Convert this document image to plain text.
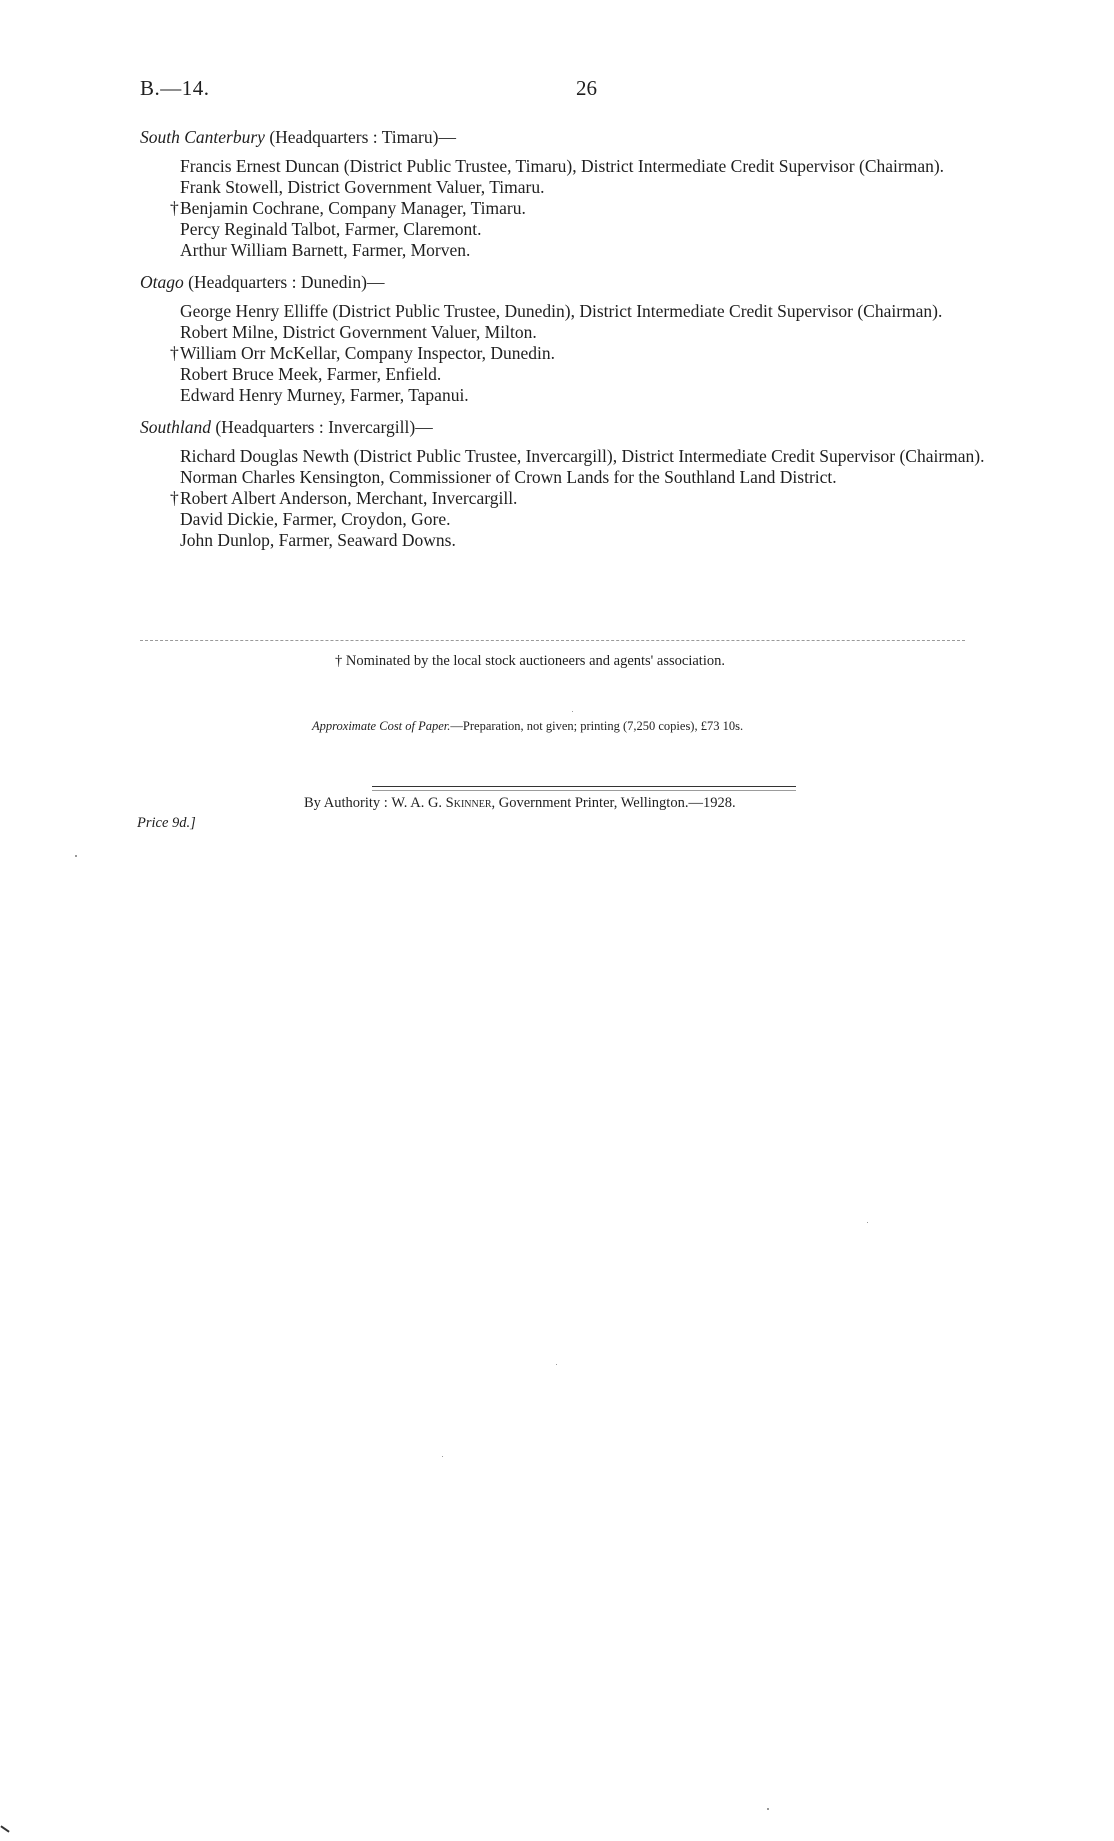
B.—14.	26
South Canterbury (Headquarters : Timaru)—
Francis Ernest Duncan (District Public Trustee, Timaru), District Intermediate Credit Supervisor (Chairman).
Frank Stowell, District Government Valuer, Timaru.
† Benjamin Cochrane, Company Manager, Timaru.
Percy Reginald Talbot, Farmer, Claremont.
Arthur William Barnett, Farmer, Morven.
Otago (Headquarters : Dunedin)—
George Henry Elliffe (District Public Trustee, Dunedin), District Intermediate Credit Supervisor (Chairman).
Robert Milne, District Government Valuer, Milton.
† William Orr McKellar, Company Inspector, Dunedin.
Robert Bruce Meek, Farmer, Enfield.
Edward Henry Murney, Farmer, Tapanui.
Southland (Headquarters : Invercargill)—
Richard Douglas Newth (District Public Trustee, Invercargill), District Intermediate Credit Supervisor (Chairman).
Norman Charles Kensington, Commissioner of Crown Lands for the Southland Land District.
† Robert Albert Anderson, Merchant, Invercargill.
David Dickie, Farmer, Croydon, Gore.
John Dunlop, Farmer, Seaward Downs.
† Nominated by the local stock auctioneers and agents' association.
Approximate Cost of Paper.—Preparation, not given; printing (7,250 copies), £73 10s.
By Authority : W. A. G. Skinner, Government Printer, Wellington.—1928.
Price 9d.]
